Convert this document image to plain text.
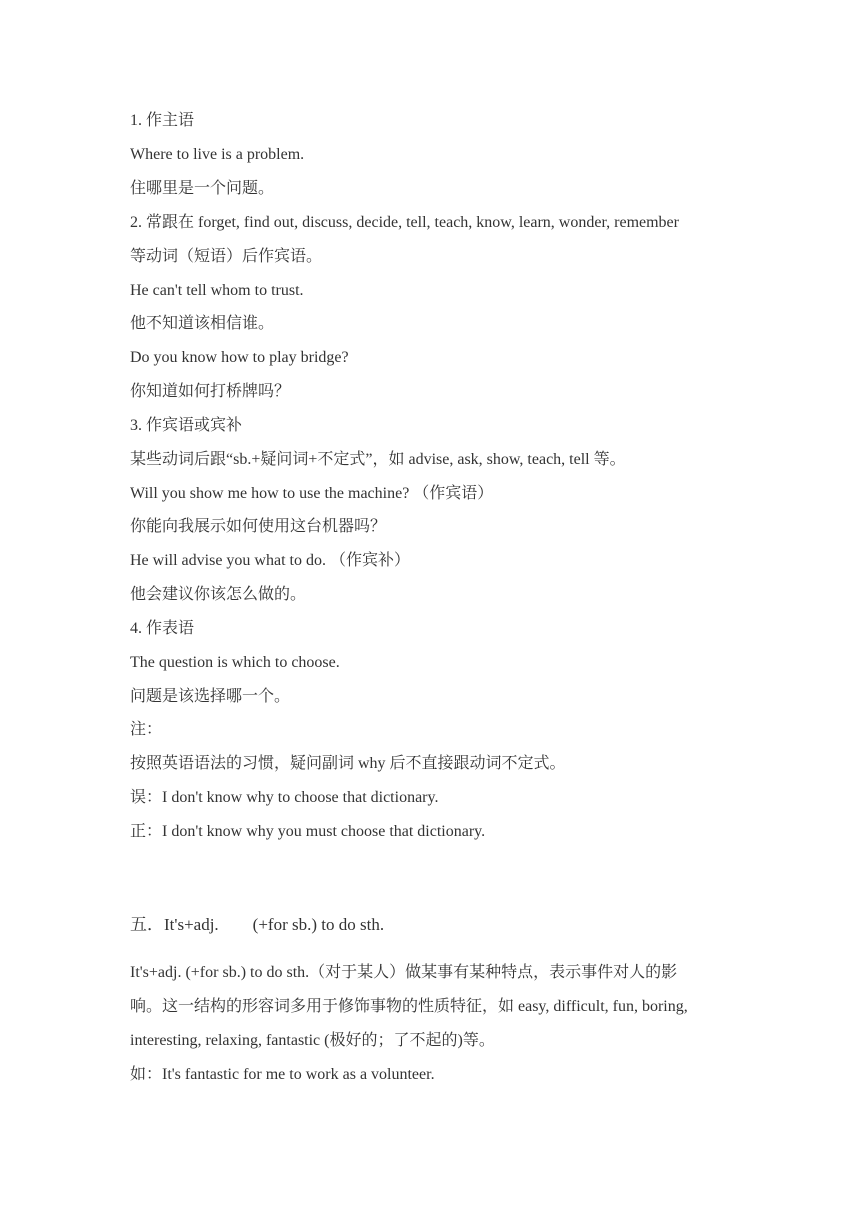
1. 作主语
Where to live is a problem.
住哪里是一个问题。
2. 常跟在 forget, find out, discuss, decide, tell, teach, know, learn, wonder, remember
等动词（短语）后作宾语。
He can't tell whom to trust.
他不知道该相信谁。
Do you know how to play bridge?
你知道如何打桥牌吗？
3. 作宾语或宾补
某些动词后跟“sb.+疑问词+不定式”，如 advise, ask, show, teach, tell 等。
Will you show me how to use the machine? （作宾语）
你能向我展示如何使用这台机器吗？
He will advise you what to do. （作宾补）
他会建议你该怎么做的。
4. 作表语
The question is which to choose.
问题是该选择哪一个。
注：
按照英语语法的习惯，疑问副词 why 后不直接跟动词不定式。
误：I don't know why to choose that dictionary.
正：I don't know why you must choose that dictionary.
五．It's+adj.        (+for sb.) to do sth.
It's+adj. (+for sb.) to do sth.（对于某人）做某事有某种特点，表示事件对人的影
响。这一结构的形容词多用于修饰事物的性质特征，如 easy, difficult, fun, boring,
interesting, relaxing, fantastic (极好的；了不起的)等。
如：It's fantastic for me to work as a volunteer.
